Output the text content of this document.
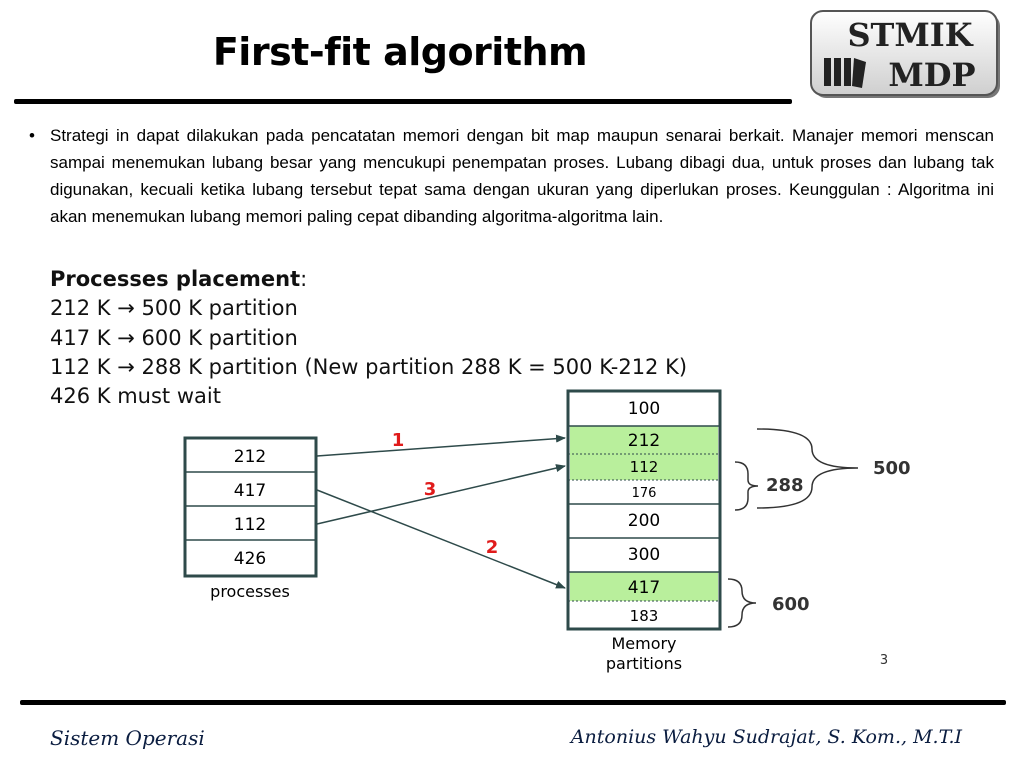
First-fit algorithm	STMIK
MDP
• Strategi in dapat dilakukan pada pencatatan memori dengan bit map maupun senarai berkait. Manajer memori menscan sampai menemukan lubang besar yang mencukupi penempatan proses. Lubang dibagi dua, untuk proses dan lubang tak digunakan, kecuali ketika lubang tersebut tepat sama dengan ukuran yang diperlukan proses. Keunggulan : Algoritma ini akan menemukan lubang memori paling cepat dibanding algoritma-algoritma lain.
Processes placement:
212 K → 500 K partition
417 K → 600 K partition
112 K → 288 K partition (New partition 288 K = 500 K-212 K)
426 K must wait
212
417
112
426
processes
100
212
112
176
200
300
417
183
Memory
partitions
1
3
2
288
500
600
3
Sistem Operasi	Antonius Wahyu Sudrajat, S. Kom., M.T.I
